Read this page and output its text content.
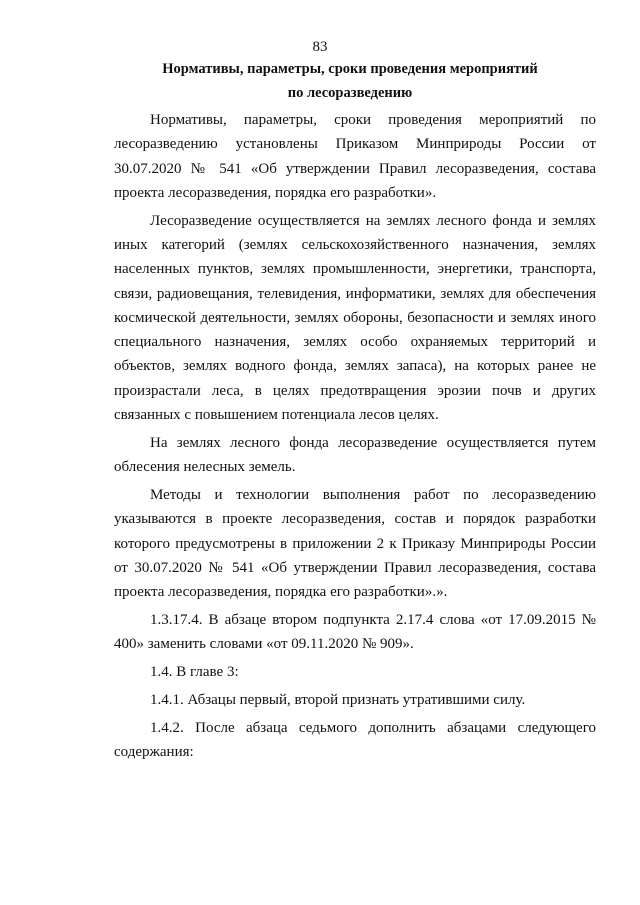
83
Нормативы, параметры, сроки проведения мероприятий
по лесоразведению

Нормативы, параметры, сроки проведения мероприятий по лесоразведению установлены Приказом Минприроды России от 30.07.2020 № 541 «Об утверждении Правил лесоразведения, состава проекта лесоразведения, порядка его разработки».

Лесоразведение осуществляется на землях лесного фонда и землях иных категорий (землях сельскохозяйственного назначения, землях населенных пунктов, землях промышленности, энергетики, транспорта, связи, радиовещания, телевидения, информатики, землях для обеспечения космической деятельности, землях обороны, безопасности и землях иного специального назначения, землях особо охраняемых территорий и объектов, землях водного фонда, землях запаса), на которых ранее не произрастали леса, в целях предотвращения эрозии почв и других связанных с повышением потенциала лесов целях.

На землях лесного фонда лесоразведение осуществляется путем облесения нелесных земель.

Методы и технологии выполнения работ по лесоразведению указываются в проекте лесоразведения, состав и порядок разработки которого предусмотрены в приложении 2 к Приказу Минприроды России от 30.07.2020 № 541 «Об утверждении Правил лесоразведения, состава проекта лесоразведения, порядка его разработки».».

1.3.17.4. В абзаце втором подпункта 2.17.4 слова «от 17.09.2015 № 400» заменить словами «от 09.11.2020 № 909».

1.4. В главе 3:

1.4.1. Абзацы первый, второй признать утратившими силу.

1.4.2. После абзаца седьмого дополнить абзацами следующего содержания:
